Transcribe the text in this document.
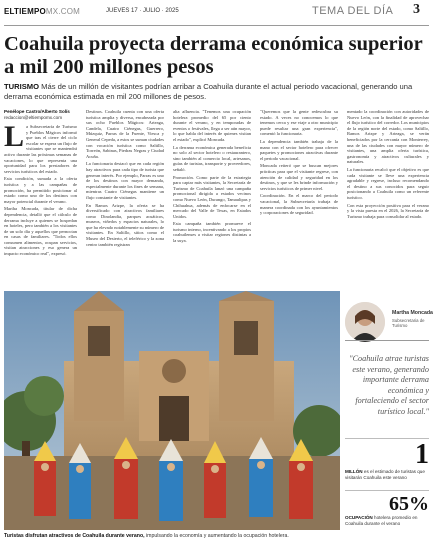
ELTIEMPOMX.COM	JUEVES 17 · JULIO · 2025	TEMA DEL DÍA 3
Coahuila proyecta derrama económica superior a mil 200 millones pesos
TURISMO Más de un millón de visitantes podrían arribar a Coahuila durante el actual periodo vacacional, generando una derrama económica estimada en mil 200 millones de pesos.
Penélope Castro/Alberto Solís
redaccion@eltiempomx.com
L a Subsecretaría de Turismo y Pueblos Mágicos informó que tras el cierre del ciclo escolar se espera un flujo de visitantes que se mantendrá activo durante las próximas semanas de vacaciones, lo que representa una oportunidad para los prestadores de servicios turísticos del estado.

Esta condición, sumada a la oferta turística y a las campañas de promoción, ha permitido posicionar al estado como uno de los destinos con mayor potencial durante el verano.

Martha Moncada, titular de dicha dependencia, detalló que el cálculo de derrama incluye a quienes se hospedan en hoteles, pero también a los visitantes de un solo día y aquellos que pernoctan en casas de familiares. "Todos ellos consumen alimentos, ocupan servicios, visitan atracciones y eso genera un impacto económico real", expresó.

Destinos. Coahuila cuenta con una oferta turística amplia y diversa, encabezada por sus ocho Pueblos Mágicos: Arteaga, Candela, Cuatro Ciénegas, Guerrero, Múzquiz, Parras de la Fuente, Viesca y General Cepeda, a estos se suman ciudades con vocación turística como Saltillo, Torreón, Sabinas, Piedras Negras y Ciudad Acuña.

La funcionaria destacó que en cada región hay atractivos para cada tipo de turista que generan interés. Por ejemplo, Parras es uno de los destinos con mayor demanda, especialmente durante los fines de semana, mientras Cuatro Ciénegas mantiene un flujo constante de visitantes.

En Ramos Arizpe, la oferta se ha diversificado con atractivos familiares como Dinolandia, parques acuáticos, museos, viñedos y espacios naturales, lo que ha elevado notablemente su número de visitantes. En Saltillo, sitios como el Museo del Desierto, el teleférico y la zona centro también registran

alta afluencia. "Tenemos una ocupación hotelera promedio del 65 por ciento durante el verano, y en temporadas de eventos o festivales, llega a ser aún mayor, lo que habla del interés de quienes visitan el estado", explicó Moncada.

La derrama económica generada beneficia no solo al sector hotelero o restaurantero, sino también al comercio local, artesanos, guías de turistas, transporte y proveedores, señaló.

Promoción. Como parte de la estrategia para captar más visitantes, la Secretaría de Turismo de Coahuila lanzó una campaña promocional dirigida a estados vecinos como Nuevo León, Durango, Tamaulipas y Chihuahua, además de enfocarse en el mercado del Valle de Texas, en Estados Unidos.

Esta campaña también promueve el turismo interno, incentivando a los propios coahuilenses a visitar regiones distintas a la suya.

"Queremos que la gente redescubra su estado. A veces no conocemos lo que tenemos cerca y ese viaje a otro municipio puede resultar una gran experiencia", comentó la funcionaria.

La dependencia también trabaja de la mano con el sector hotelero para ofrecer paquetes y promociones atractivas durante el periodo vacacional.

Moncada reiteró que se buscan mejores prácticas para que el visitante regrese, con atención de calidad y seguridad en los destinos, y que se les brinde información y servicios turísticos de primer nivel.

Coordinación. En el marco del periodo vacacional, la Subsecretaría trabaja de manera coordinada con los ayuntamientos y corporaciones de seguridad.

mentado la coordinación con autoridades de Nuevo León, con la finalidad de aprovechar el flujo turístico del corredor. Los municipios de la región norte del estado, como Saltillo, Ramos Arizpe y Arteaga, se verán beneficiados por la cercanía con Monterrey, una de las ciudades con mayor número de visitantes, una amplia oferta turística, gastronomía y atractivos culturales y naturales.

La funcionaria recalcó que el objetivo es que cada visitante se lleve una experiencia agradable y regrese, incluso recomendando el destino a sus conocidos para seguir posicionando a Coahuila como un referente turístico.

Con esta proyección positiva para el verano y la vista puesta en el 2026, la Secretaría de Turismo trabaja para consolidar al estado.

Turistas disfrutan atractivos de Coahuila durante verano, impulsando la economía y aumentando la ocupación hotelera.
Martha Moncada
Subsecretaria de Turismo
"Coahuila atrae turistas este verano, generando importante derrama económica y fortaleciendo el sector turístico local."
1
MILLÓN es el estimado de turistas que visitarán Coahuila este verano
65%
OCUPACIÓN hotelera promedio en Coahuila durante el verano
